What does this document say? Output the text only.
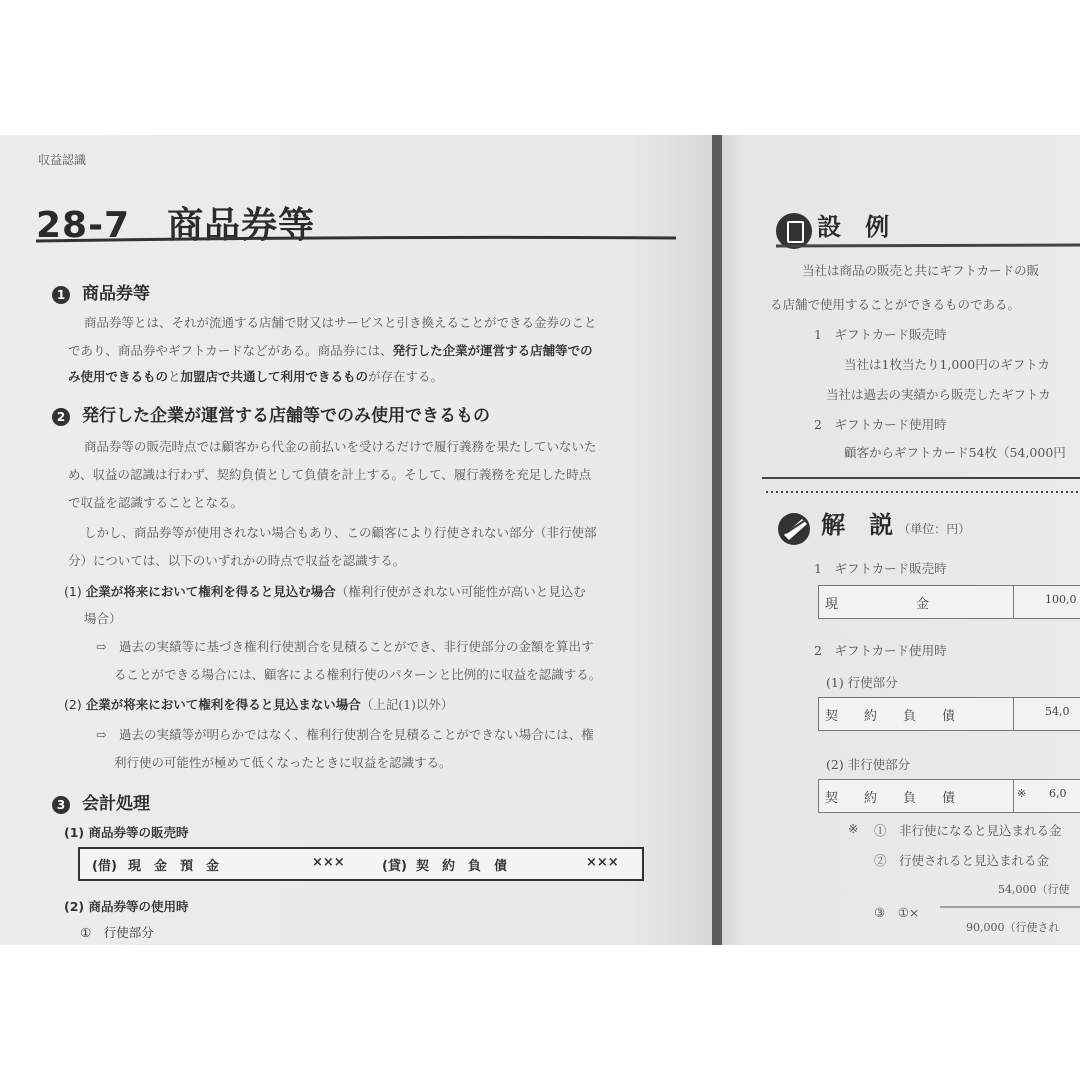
収益認識
28-7　商品券等
1 商品券等
商品券等とは、それが流通する店舗で財又はサービスと引き換えることができる金券のこと
であり、商品券やギフトカードなどがある。商品券には、発行した企業が運営する店舗等での
み使用できるものと加盟店で共通して利用できるものが存在する。
2 発行した企業が運営する店舗等でのみ使用できるもの
商品券等の販売時点では顧客から代金の前払いを受けるだけで履行義務を果たしていないた
め、収益の認識は行わず、契約負債として負債を計上する。そして、履行義務を充足した時点
で収益を認識することとなる。
しかし、商品券等が使用されない場合もあり、この顧客により行使されない部分（非行使部
分）については、以下のいずれかの時点で収益を認識する。
(1) 企業が将来において権利を得ると見込む場合（権利行使がされない可能性が高いと見込む
場合）
⇨　過去の実績等に基づき権利行使割合を見積ることができ、非行使部分の金額を算出す
ることができる場合には、顧客による権利行使のパターンと比例的に収益を認識する。
(2) 企業が将来において権利を得ると見込まない場合（上記(1)以外）
⇨　過去の実績等が明らかではなく、権利行使割合を見積ることができない場合には、権
利行使の可能性が極めて低くなったときに収益を認識する。
3 会計処理
(1) 商品券等の販売時
(借) 現　金　預　金	×××	(貸) 契　約　負　債	×××
(2) 商品券等の使用時
①　行使部分
設　例
当社は商品の販売と共にギフトカードの販
る店舗で使用することができるものである。
1　ギフトカード販売時
当社は1枚当たり1,000円のギフトカ
当社は過去の実績から販売したギフトカ
2　ギフトカード使用時
顧客からギフトカード54枚（54,000円
解　説 （単位：円）
1　ギフトカード販売時
現　　　　　　金	100,0
2　ギフトカード使用時
(1) 行使部分
契　　約　　負　　債	54,0
(2) 非行使部分
契　　約　　負　　債	※ 6,0
※ ①　非行使になると見込まれる金
②　行使されると見込まれる金
③　①×
54,000（行使
90,000（行使され
